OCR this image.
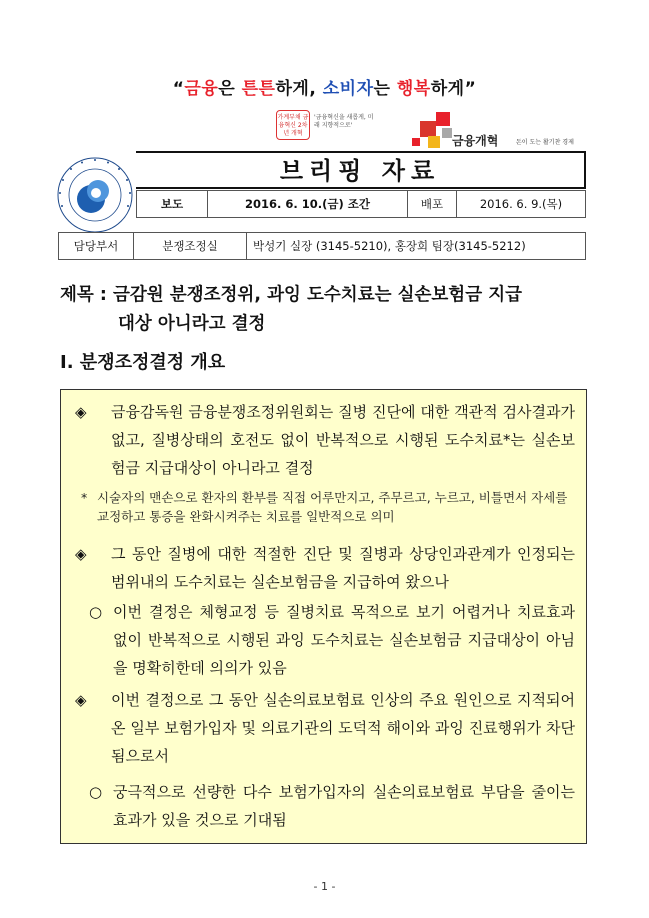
“금융은 튼튼하게, 소비자는 행복하게”
가계부채 금융혁신 2차년 개혁
'금융혁신을 새롭게, 미래 지향적으로'
금융개혁	돈이 도는 활기찬 경제
브리핑 자료
보도	2016. 6. 10.(금) 조간	배포	2016. 6. 9.(목)
담당부서	분쟁조정실	박성기 실장 (3145-5210), 홍장희 팀장(3145-5212)
제목 : 금감원 분쟁조정위, 과잉 도수치료는 실손보험금 지급
대상 아니라고 결정
Ⅰ. 분쟁조정결정 개요
◈	금융감독원 금융분쟁조정위원회는 질병 진단에 대한 객관적 검사결과가 없고, 질병상태의 호전도 없이 반복적으로 시행된 도수치료*는 실손보험금 지급대상이 아니라고 결정
* 시술자의 맨손으로 환자의 환부를 직접 어루만지고, 주무르고, 누르고, 비틀면서 자세를 교정하고 통증을 완화시켜주는 치료를 일반적으로 의미
◈	그 동안 질병에 대한 적절한 진단 및 질병과 상당인과관계가 인정되는 범위내의 도수치료는 실손보험금을 지급하여 왔으나
○ 이번 결정은 체형교정 등 질병치료 목적으로 보기 어렵거나 치료효과 없이 반복적으로 시행된 과잉 도수치료는 실손보험금 지급대상이 아님을 명확히한데 의의가 있음
◈	이번 결정으로 그 동안 실손의료보험료 인상의 주요 원인으로 지적되어 온 일부 보험가입자 및 의료기관의 도덕적 해이와 과잉 진료행위가 차단됨으로서
○ 궁극적으로 선량한 다수 보험가입자의 실손의료보험료 부담을 줄이는 효과가 있을 것으로 기대됨
- 1 -
